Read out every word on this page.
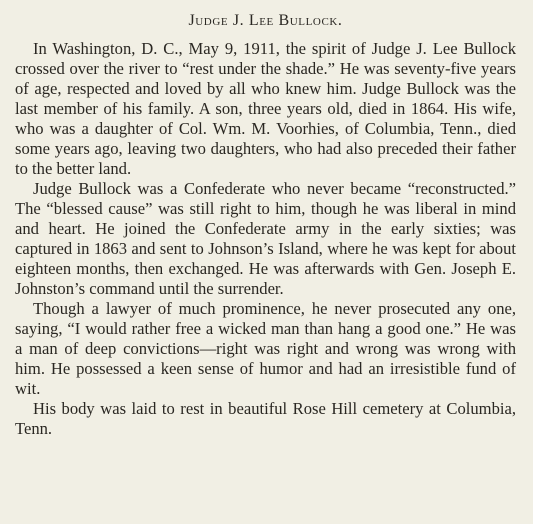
Judge J. Lee Bullock.

In Washington, D. C., May 9, 1911, the spirit of Judge J. Lee Bullock crossed over the river to “rest under the shade.” He was seventy-five years of age, respected and loved by all who knew him. Judge Bullock was the last member of his family. A son, three years old, died in 1864. His wife, who was a daughter of Col. Wm. M. Voorhies, of Columbia, Tenn., died some years ago, leaving two daughters, who had also preceded their father to the better land.

Judge Bullock was a Confederate who never became “reconstructed.” The “blessed cause” was still right to him, though he was liberal in mind and heart. He joined the Confederate army in the early sixties; was captured in 1863 and sent to Johnson’s Island, where he was kept for about eighteen months, then exchanged. He was afterwards with Gen. Joseph E. Johnston’s command until the surrender.

Though a lawyer of much prominence, he never prosecuted any one, saying, “I would rather free a wicked man than hang a good one.” He was a man of deep convictions—right was right and wrong was wrong with him. He possessed a keen sense of humor and had an irresistible fund of wit.

His body was laid to rest in beautiful Rose Hill cemetery at Columbia, Tenn.
